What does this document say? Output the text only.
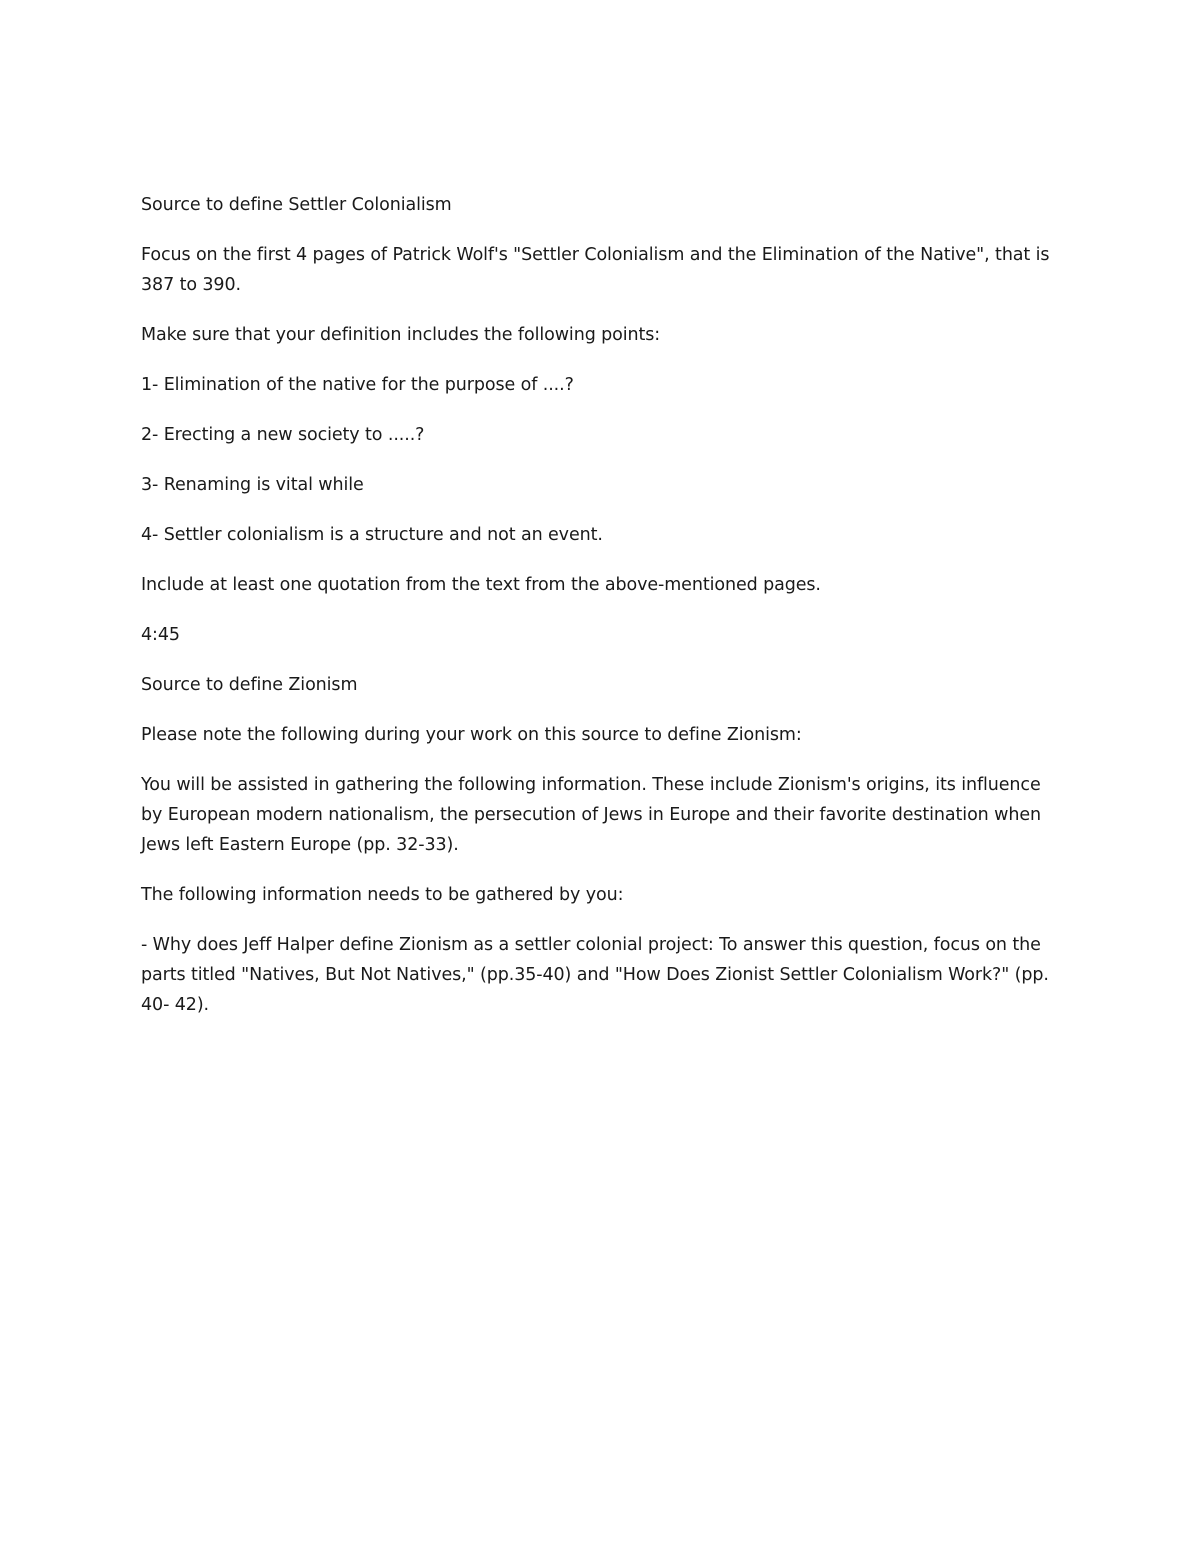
Source to define Settler Colonialism

Focus on the first 4 pages of Patrick Wolf's "Settler Colonialism and the Elimination of the Native", that is 387 to 390.

Make sure that your definition includes the following points:

1- Elimination of the native for the purpose of ....?

2- Erecting a new society to .....?

3- Renaming is vital while

4- Settler colonialism is a structure and not an event.

Include at least one quotation from the text from the above-mentioned pages.

4:45

Source to define Zionism

Please note the following during your work on this source to define Zionism:

You will be assisted in gathering the following information. These include Zionism's origins, its influence by European modern nationalism, the persecution of Jews in Europe and their favorite destination when Jews left Eastern Europe (pp. 32-33).

The following information needs to be gathered by you:

- Why does Jeff Halper define Zionism as a settler colonial project: To answer this question, focus on the parts titled "Natives, But Not Natives," (pp.35-40) and "How Does Zionist Settler Colonialism Work?" (pp. 40- 42).
